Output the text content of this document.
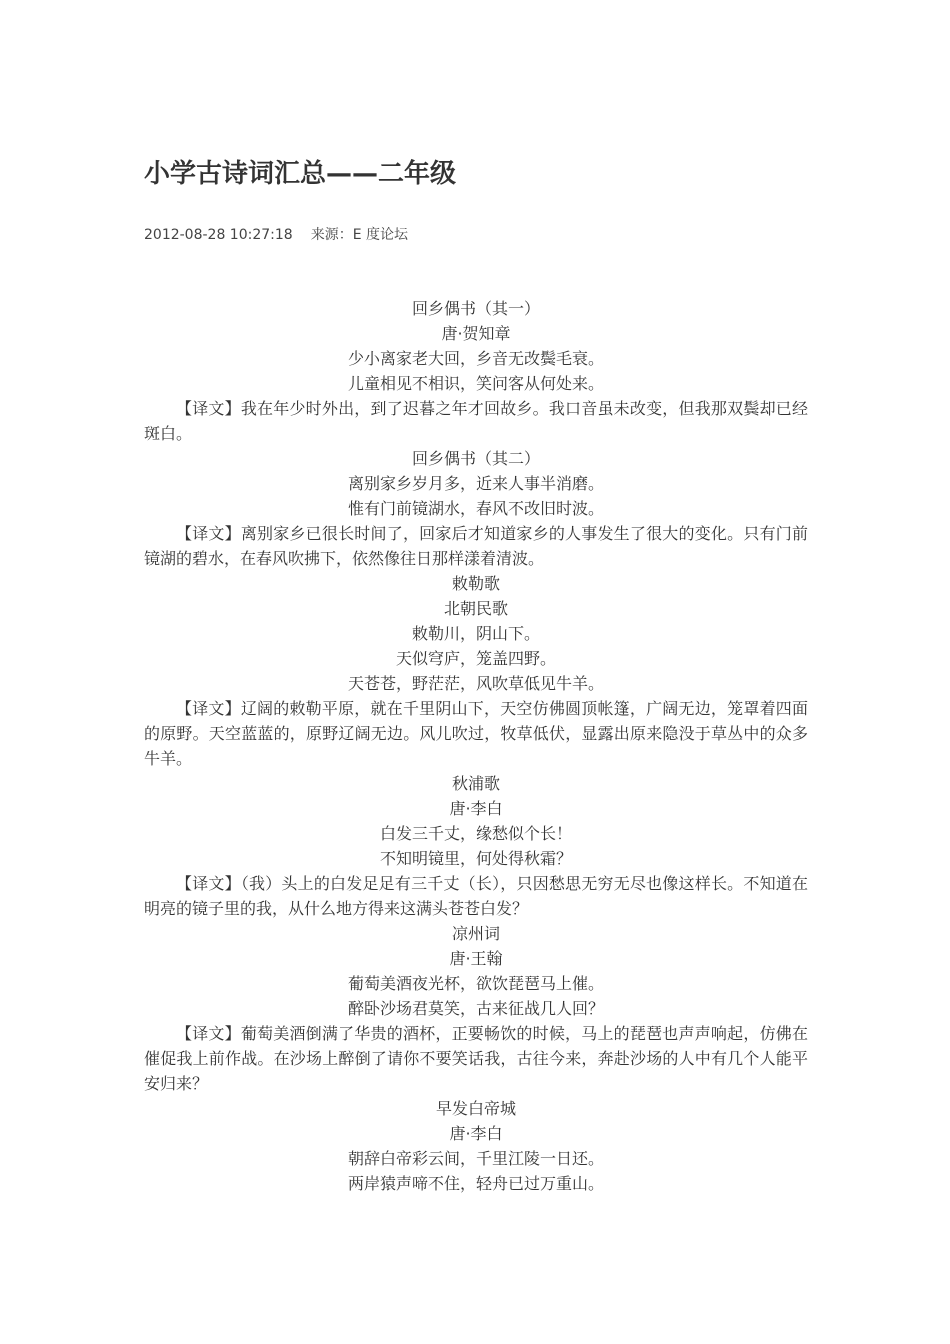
小学古诗词汇总——二年级
2012-08-28 10:27:18 来源：E 度论坛

回乡偶书（其一）

唐·贺知章

少小离家老大回，乡音无改鬓毛衰。

儿童相见不相识，笑问客从何处来。

【译文】我在年少时外出，到了迟暮之年才回故乡。我口音虽未改变，但我那双鬓却已经斑白。

回乡偶书（其二）

离别家乡岁月多，近来人事半消磨。

惟有门前镜湖水，春风不改旧时波。

【译文】离别家乡已很长时间了，回家后才知道家乡的人事发生了很大的变化。只有门前镜湖的碧水，在春风吹拂下，依然像往日那样漾着清波。

敕勒歌

北朝民歌

敕勒川，阴山下。

天似穹庐，笼盖四野。

天苍苍，野茫茫，风吹草低见牛羊。

【译文】辽阔的敕勒平原，就在千里阴山下，天空仿佛圆顶帐篷，广阔无边，笼罩着四面的原野。天空蓝蓝的，原野辽阔无边。风儿吹过，牧草低伏，显露出原来隐没于草丛中的众多牛羊。

秋浦歌

唐·李白

白发三千丈，缘愁似个长！

不知明镜里，何处得秋霜？

【译文】（我）头上的白发足足有三千丈（长），只因愁思无穷无尽也像这样长。不知道在明亮的镜子里的我，从什么地方得来这满头苍苍白发？

凉州词

唐·王翰

葡萄美酒夜光杯，欲饮琵琶马上催。

醉卧沙场君莫笑，古来征战几人回？

【译文】葡萄美酒倒满了华贵的酒杯，正要畅饮的时候，马上的琵琶也声声响起，仿佛在催促我上前作战。在沙场上醉倒了请你不要笑话我，古往今来，奔赴沙场的人中有几个人能平安归来？

早发白帝城

唐·李白

朝辞白帝彩云间，千里江陵一日还。

两岸猿声啼不住，轻舟已过万重山。
